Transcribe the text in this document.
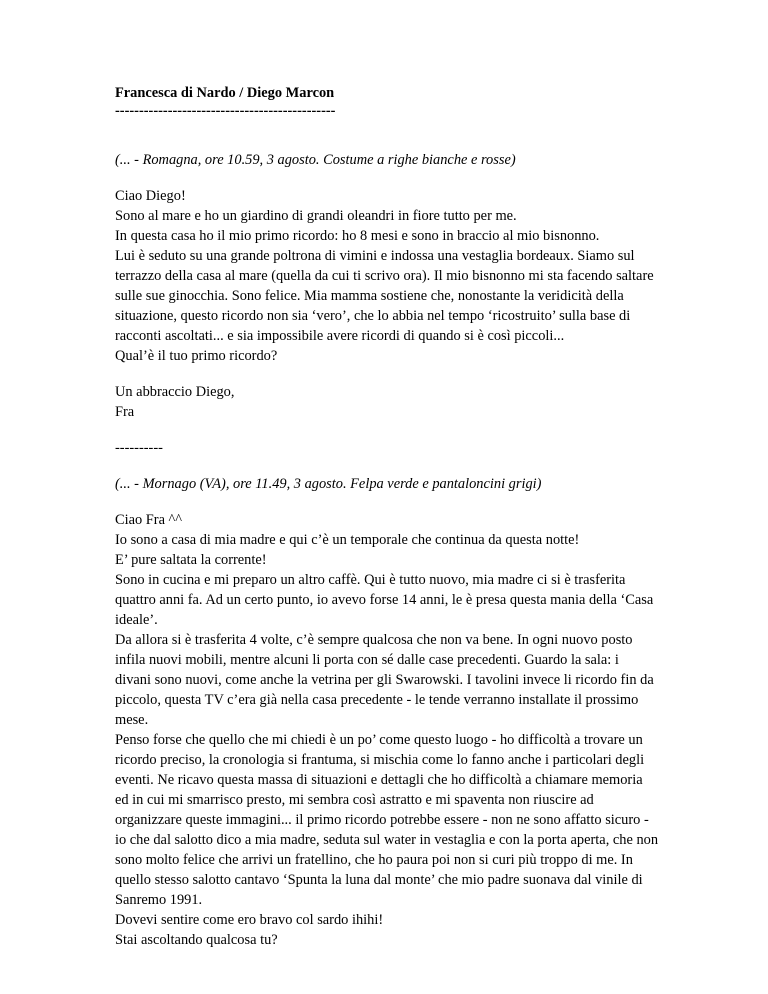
Francesca di Nardo / Diego Marcon
----------------------------------------------
(... - Romagna, ore 10.59, 3 agosto. Costume a righe bianche e rosse)
Ciao Diego!
Sono al mare e ho un giardino di grandi oleandri in fiore tutto per me.
In questa casa ho il mio primo ricordo: ho 8 mesi e sono in braccio al mio bisnonno.
Lui è seduto su una grande poltrona di vimini e indossa una vestaglia bordeaux. Siamo sul
terrazzo della casa al mare (quella da cui ti scrivo ora). Il mio bisnonno mi sta facendo saltare
sulle sue ginocchia. Sono felice. Mia mamma sostiene che, nonostante la veridicità della
situazione, questo ricordo non sia ‘vero’, che lo abbia nel tempo ‘ricostruito’ sulla base di
racconti ascoltati... e sia impossibile avere ricordi di quando si è così piccoli...
Qual’è il tuo primo ricordo?
Un abbraccio Diego,
Fra
----------
(... - Mornago (VA), ore 11.49, 3 agosto. Felpa verde e pantaloncini grigi)
Ciao Fra ^^
Io sono a casa di mia madre e qui c’è un temporale che continua da questa notte!
E’ pure saltata la corrente!
Sono in cucina e mi preparo un altro caffè. Qui è tutto nuovo, mia madre ci si è trasferita
quattro anni fa. Ad un certo punto, io avevo forse 14 anni, le è presa questa mania della ‘Casa
ideale’.
Da allora si è trasferita 4 volte, c’è sempre qualcosa che non va bene. In ogni nuovo posto
infila nuovi mobili, mentre alcuni li porta con sé dalle case precedenti. Guardo la sala: i
divani sono nuovi, come anche la vetrina per gli Swarowski. I tavolini invece li ricordo fin da
piccolo, questa TV c’era già nella casa precedente - le tende verranno installate il prossimo
mese.
Penso forse che quello che mi chiedi è un po’ come questo luogo - ho difficoltà a trovare un
ricordo preciso, la cronologia si frantuma, si mischia come lo fanno anche i particolari degli
eventi. Ne ricavo questa massa di situazioni e dettagli che ho difficoltà a chiamare memoria
ed in cui mi smarrisco presto, mi sembra così astratto e mi spaventa non riuscire ad
organizzare queste immagini... il primo ricordo potrebbe essere - non ne sono affatto sicuro -
io che dal salotto dico a mia madre, seduta sul water in vestaglia e con la porta aperta, che non
sono molto felice che arrivi un fratellino, che ho paura poi non si curi più troppo di me. In
quello stesso salotto cantavo ‘Spunta la luna dal monte’ che mio padre suonava dal vinile di
Sanremo 1991.
Dovevi sentire come ero bravo col sardo ihihi!
Stai ascoltando qualcosa tu?
